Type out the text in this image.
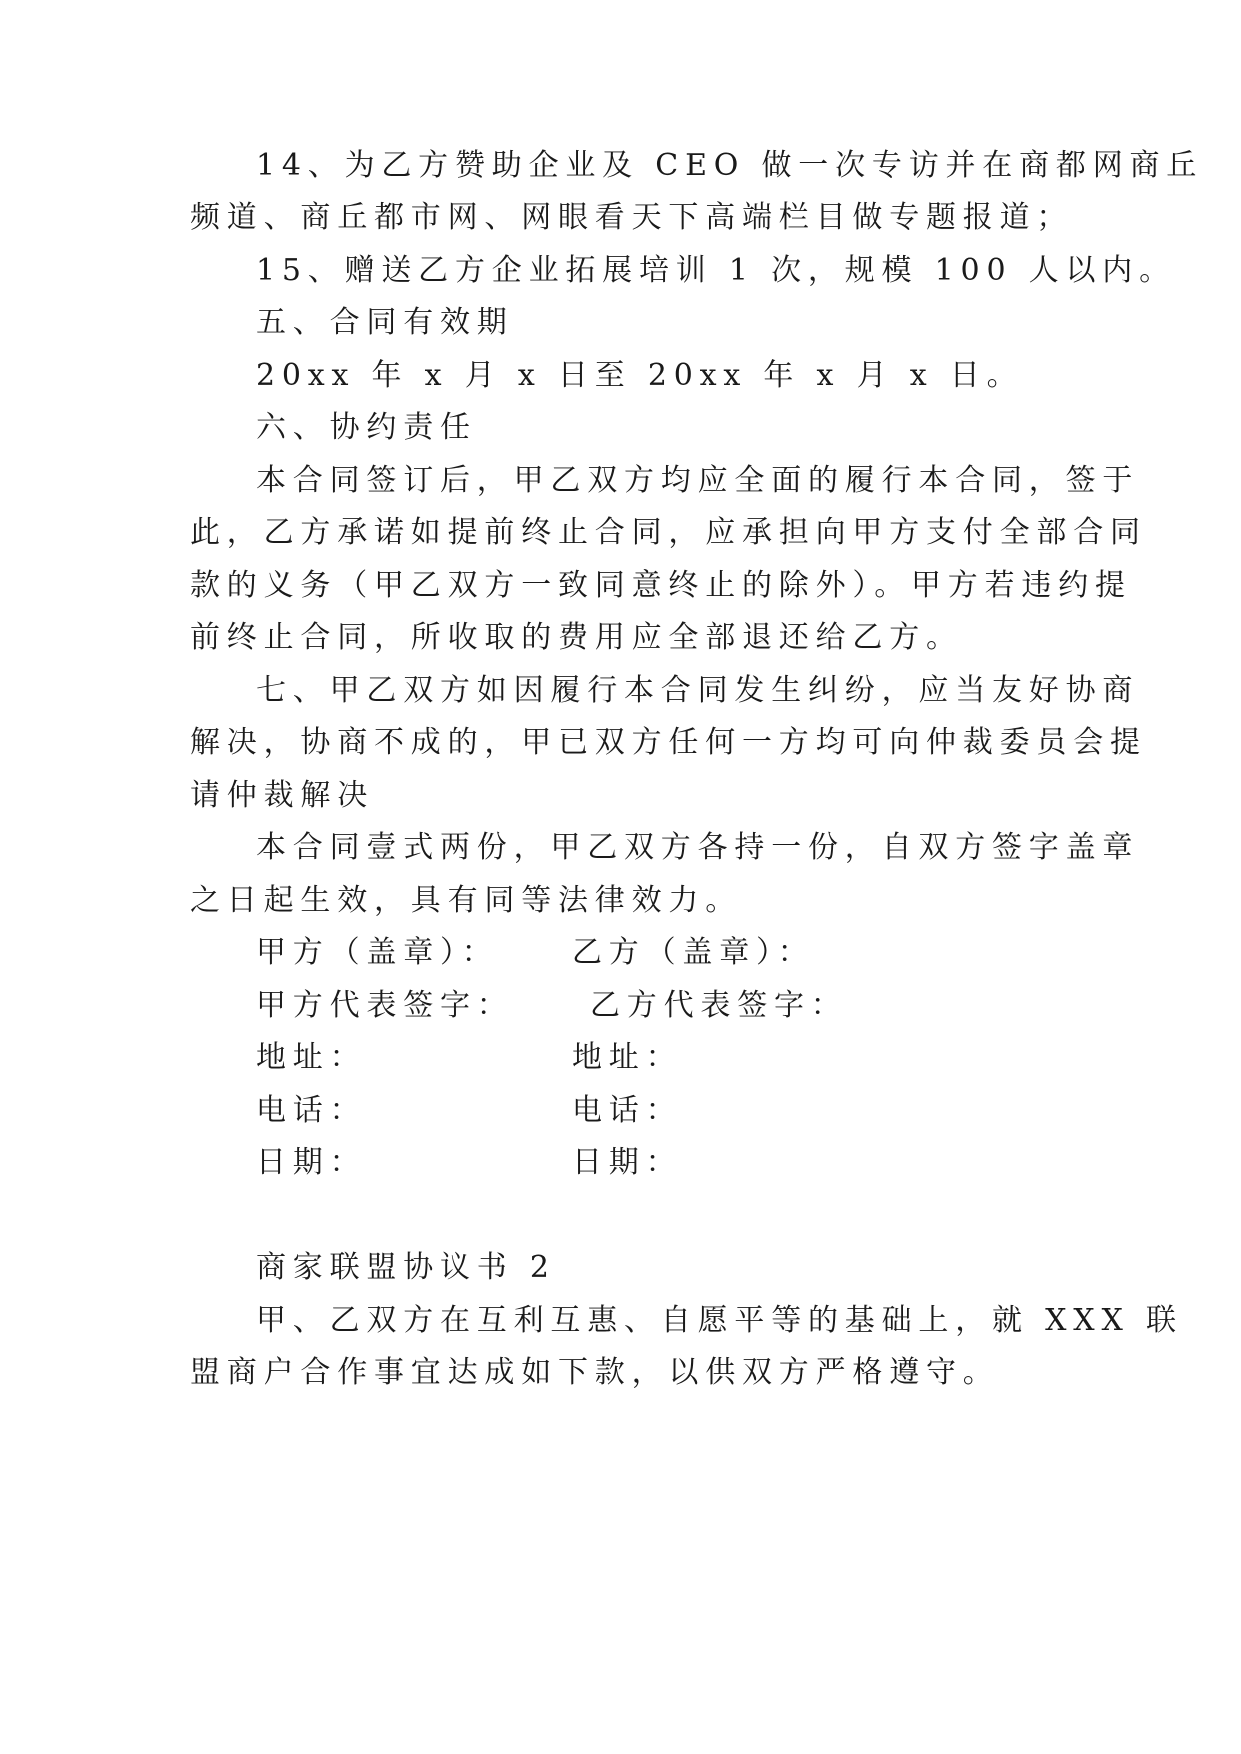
14、为乙方赞助企业及 CEO 做一次专访并在商都网商丘
频道、商丘都市网、网眼看天下高端栏目做专题报道；
15、赠送乙方企业拓展培训 1 次，规模 100 人以内。
五、合同有效期
20xx 年 x 月 x 日至 20xx 年 x 月 x 日。
六、协约责任
本合同签订后，甲乙双方均应全面的履行本合同，签于
此，乙方承诺如提前终止合同，应承担向甲方支付全部合同
款的义务（甲乙双方一致同意终止的除外）。甲方若违约提
前终止合同，所收取的费用应全部退还给乙方。
七、甲乙双方如因履行本合同发生纠纷，应当友好协商
解决，协商不成的，甲已双方任何一方均可向仲裁委员会提
请仲裁解决
本合同壹式两份，甲乙双方各持一份，自双方签字盖章
之日起生效，具有同等法律效力。
甲方（盖章）： 乙方（盖章）：
甲方代表签字：	乙方代表签字：
地址：	地址：
电话：	电话：
日期：	日期：
商家联盟协议书 2
甲、乙双方在互利互惠、自愿平等的基础上，就 XXX 联
盟商户合作事宜达成如下款，以供双方严格遵守。
